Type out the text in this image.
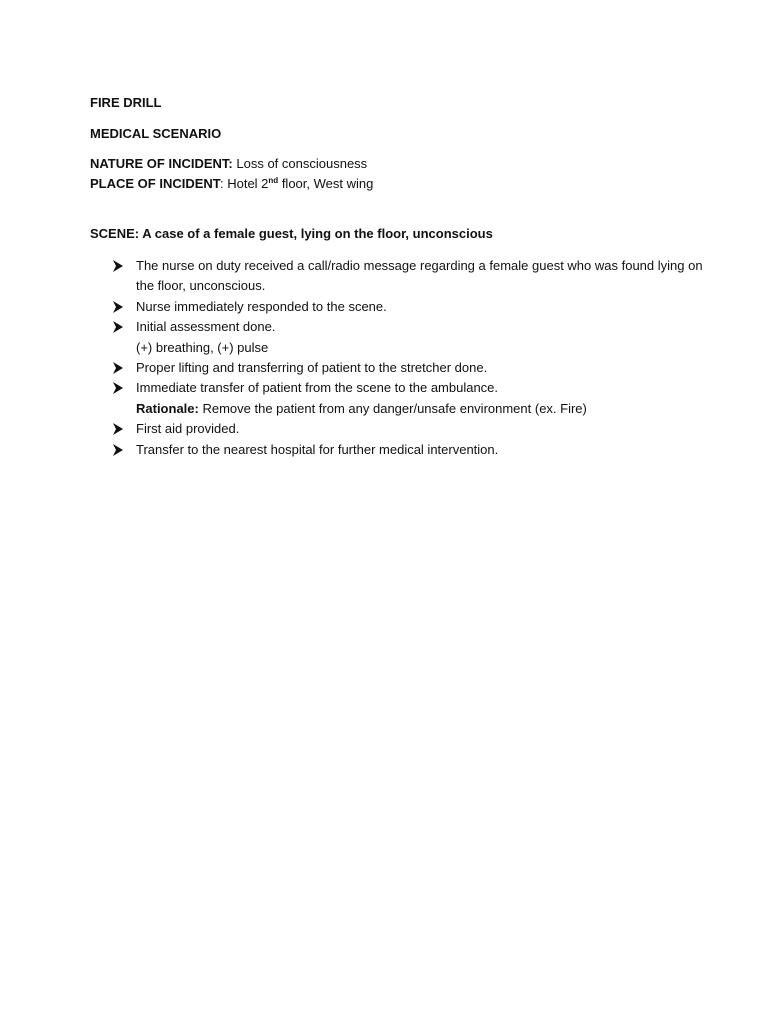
FIRE DRILL
MEDICAL SCENARIO
NATURE OF INCIDENT: Loss of consciousness
PLACE OF INCIDENT: Hotel 2nd floor, West wing
SCENE: A case of a female guest, lying on the floor, unconscious
The nurse on duty received a call/radio message regarding a female guest who was found lying on the floor, unconscious.
Nurse immediately responded to the scene.
Initial assessment done.
(+) breathing, (+) pulse
Proper lifting and transferring of patient to the stretcher done.
Immediate transfer of patient from the scene to the ambulance.
Rationale: Remove the patient from any danger/unsafe environment (ex. Fire)
First aid provided.
Transfer to the nearest hospital for further medical intervention.
